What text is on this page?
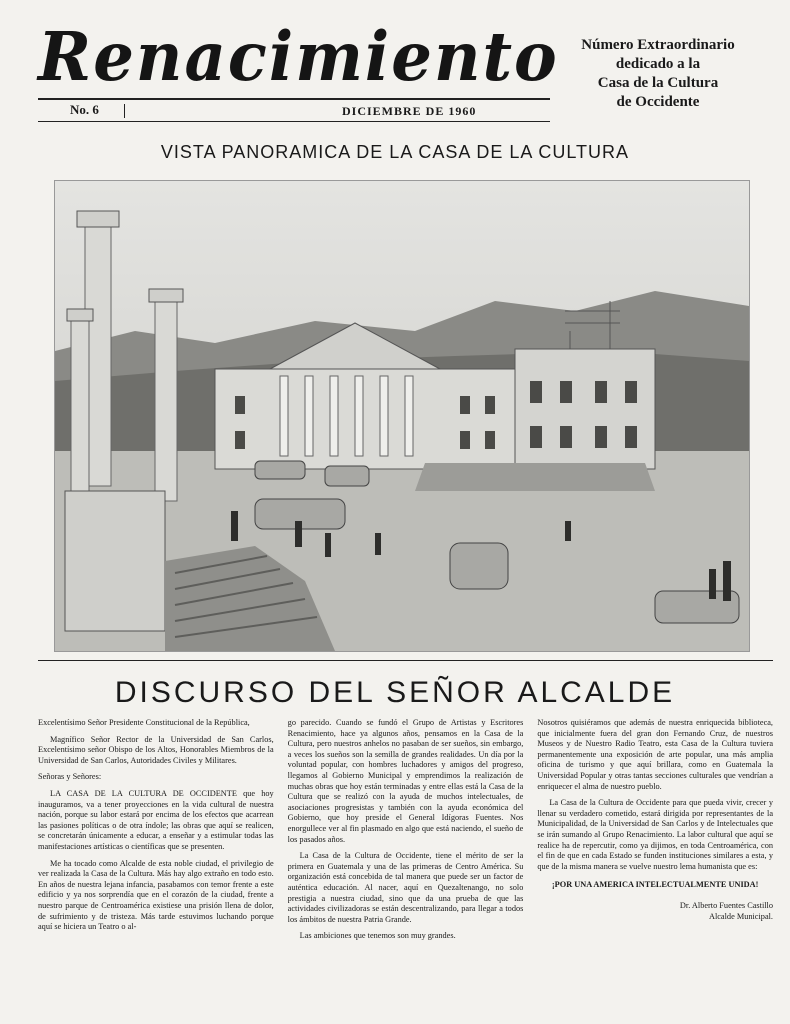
Renacimiento	Número Extraordinario
dedicado a la
Casa de la Cultura
de Occidente
No. 6	DICIEMBRE DE 1960
VISTA PANORAMICA DE LA CASA DE LA CULTURA
DISCURSO DEL SEÑOR ALCALDE

Excelentísimo Señor Presidente Constitucional de la República,

Magnífico Señor Rector de la Universidad de San Carlos, Excelentísimo señor Obispo de los Altos, Honorables Miembros de la Universidad de San Carlos, Autoridades Civiles y Militares.

Señoras y Señores:

LA CASA DE LA CULTURA DE OCCIDENTE que hoy inauguramos, va a tener proyecciones en la vida cultural de nuestra nación, porque su labor estará por encima de los efectos que acarrean las pasiones políticas o de otra índole; las obras que aquí se realicen, se concretarán únicamente a educar, a enseñar y a estimular todas las manifestaciones artísticas o científicas que se presenten.

Me ha tocado como Alcalde de esta noble ciudad, el privilegio de ver realizada la Casa de la Cultura. Más hay algo extraño en todo esto. En años de nuestra lejana infancia, pasabamos con temor frente a este edificio y ya nos sorprendía que en el corazón de la ciudad, frente a nuestro parque de Centroamérica existiese una prisión llena de dolor, de sufrimiento y de tristeza. Más tarde estuvimos luchando porque aquí se hiciera un Teatro o al-

go parecido. Cuando se fundó el Grupo de Artistas y Escritores Renacimiento, hace ya algunos años, pensamos en la Casa de la Cultura, pero nuestros anhelos no pasaban de ser sueños, sin embargo, a veces los sueños son la semilla de grandes realidades. Un día por la voluntad popular, con hombres luchadores y amigos del progreso, llegamos al Gobierno Municipal y emprendimos la realización de muchas obras que hoy están terminadas y entre ellas está la Casa de la Cultura que se realizó con la ayuda de muchos intelectuales, de asociaciones progresistas y también con la ayuda económica del Gobierno, que hoy preside el General Idígoras Fuentes. Nos enorgullece ver al fin plasmado en algo que está naciendo, el sueño de los pasados años.

La Casa de la Cultura de Occidente, tiene el mérito de ser la primera en Guatemala y una de las primeras de Centro América. Su organización está concebida de tal manera que puede ser un factor de auténtica educación. Al nacer, aquí en Quezaltenango, no solo prestigia a nuestra ciudad, sino que da una prueba de que las actividades civilizadoras se están descentralizando, para llegar a todos los ámbitos de nuestra Patria Grande.

Las ambiciones que tenemos son muy grandes.

Nosotros quisiéramos que además de nuestra enriquecida biblioteca, que inicialmente fuera del gran don Fernando Cruz, de nuestros Museos y de Nuestro Radio Teatro, esta Casa de la Cultura tuviera permanentemente una exposición de arte popular, una más amplia oficina de turismo y que aquí brillara, como en Guatemala la Universidad Popular y otras tantas secciones culturales que vendrían a enriquecer el alma de nuestro pueblo.

La Casa de la Cultura de Occidente para que pueda vivir, crecer y llenar su verdadero cometido, estará dirigida por representantes de la Municipalidad, de la Universidad de San Carlos y de Intelectuales que se irán sumando al Grupo Renacimiento. La labor cultural que aquí se realice ha de repercutir, como ya dijimos, en toda Centroamérica, con el fin de que en cada Estado se funden instituciones similares a esta, y que de la misma manera se vuelve nuestro lema humanista que es:

¡POR UNA AMERICA INTELECTUALMENTE UNIDA!

Dr. Alberto Fuentes Castillo

Alcalde Municipal.
